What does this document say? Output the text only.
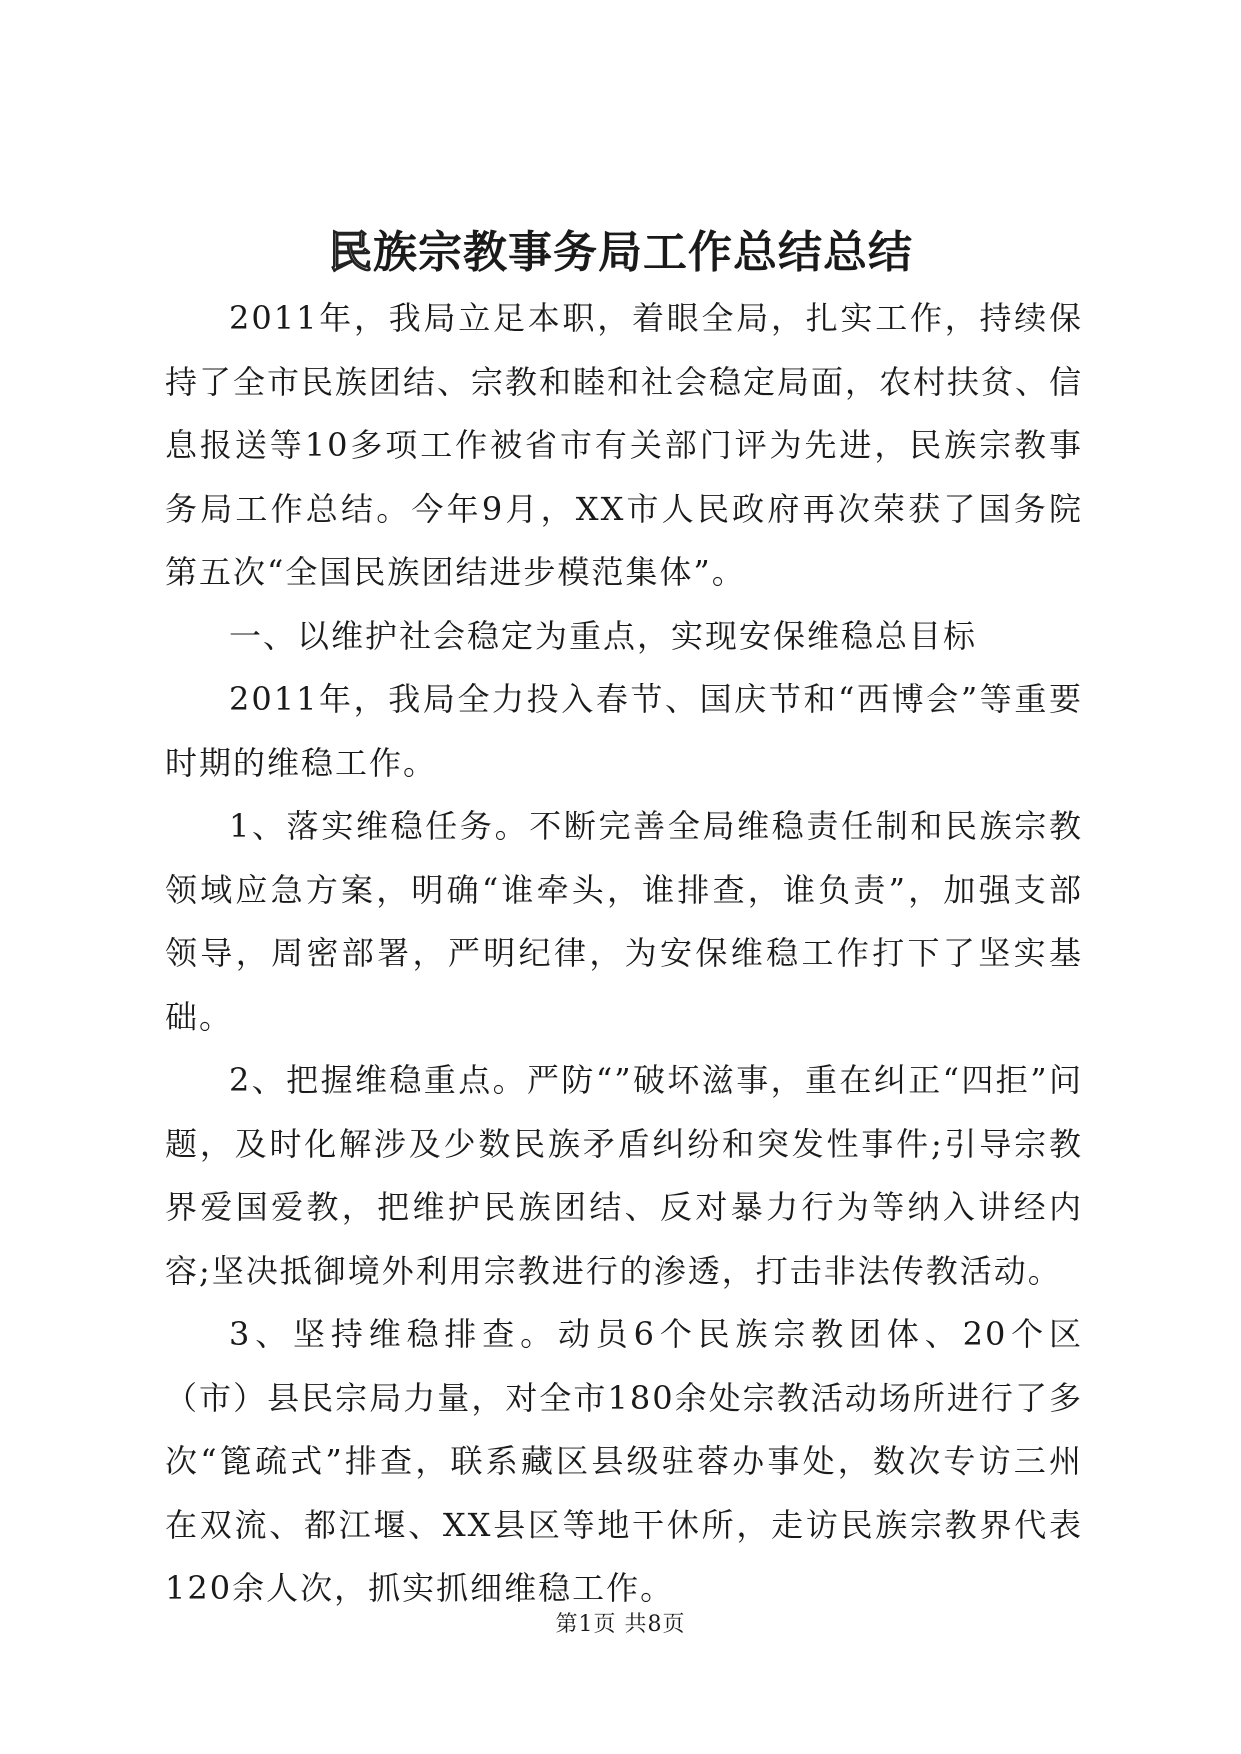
民族宗教事务局工作总结总结

2011年，我局立足本职，着眼全局，扎实工作，持续保持了全市民族团结、宗教和睦和社会稳定局面，农村扶贫、信息报送等10多项工作被省市有关部门评为先进，民族宗教事务局工作总结。今年9月，XX市人民政府再次荣获了国务院第五次“全国民族团结进步模范集体”。

一、以维护社会稳定为重点，实现安保维稳总目标

2011年，我局全力投入春节、国庆节和“西博会”等重要时期的维稳工作。

1、落实维稳任务。不断完善全局维稳责任制和民族宗教领域应急方案，明确“谁牵头，谁排查，谁负责”，加强支部领导，周密部署，严明纪律，为安保维稳工作打下了坚实基础。

2、把握维稳重点。严防“”破坏滋事，重在纠正“四拒”问题，及时化解涉及少数民族矛盾纠纷和突发性事件;引导宗教界爱国爱教，把维护民族团结、反对暴力行为等纳入讲经内容;坚决抵御境外利用宗教进行的渗透，打击非法传教活动。

3、坚持维稳排查。动员6个民族宗教团体、20个区（市）县民宗局力量，对全市180余处宗教活动场所进行了多次“篦疏式”排查，联系藏区县级驻蓉办事处，数次专访三州在双流、都江堰、XX县区等地干休所，走访民族宗教界代表120余人次，抓实抓细维稳工作。

第1页 共8页
